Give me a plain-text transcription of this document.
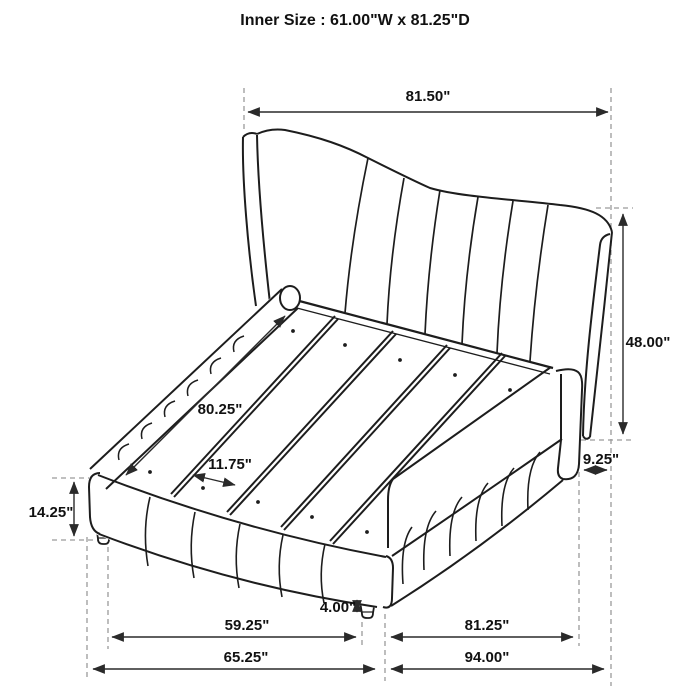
Inner Size : 61.00"W x 81.25"D
81.50"
48.00"
9.25"
80.25"
11.75"
14.25"
4.00"
59.25"
65.25"
81.25"
94.00"
